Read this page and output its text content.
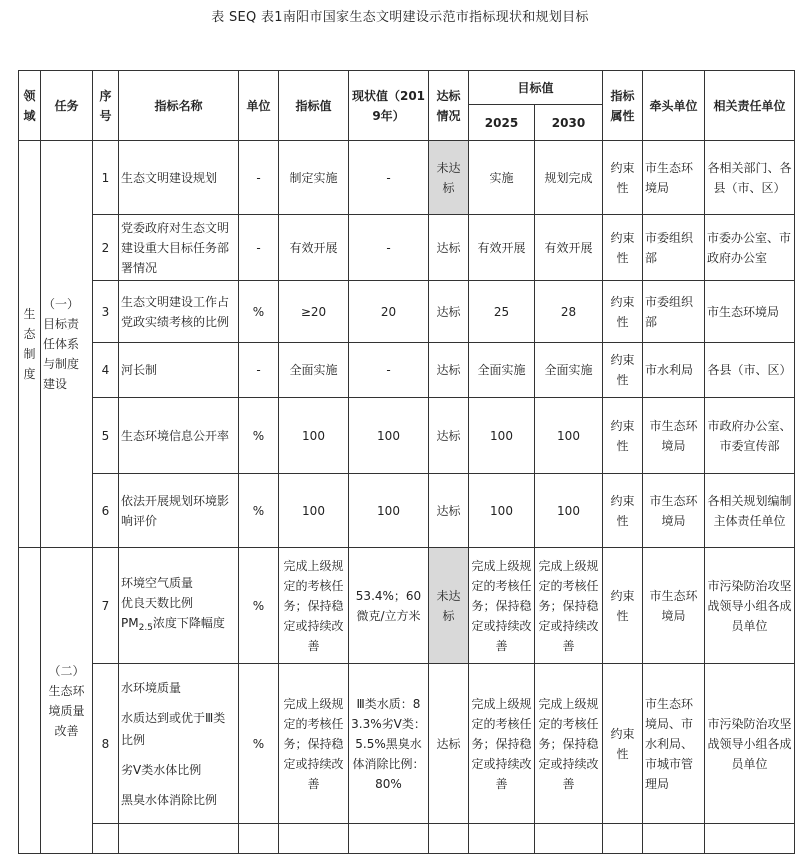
表 SEQ 表1南阳市国家生态文明建设示范市指标现状和规划目标
领域	任务	序号	指标名称	单位	指标值	现状值（2019年）	达标情况	目标值		指标属性	牵头单位	相关责任单位
								2025	2030			
生态制度	（一）目标责任体系与制度建设	1	生态文明建设规划	-	制定实施	-	未达标	实施	规划完成	约束性	市生态环境局	各相关部门、各县（市、区）
		2	党委政府对生态文明建设重大目标任务部署情况	-	有效开展	-	达标	有效开展	有效开展	约束性	市委组织部	市委办公室、市政府办公室
		3	生态文明建设工作占党政实绩考核的比例	%	≥20	20	达标	25	28	约束性	市委组织部	市生态环境局
		4	河长制	-	全面实施	-	达标	全面实施	全面实施	约束性	市水利局	各县（市、区）
		5	生态环境信息公开率	%	100	100	达标	100	100	约束性	市生态环境局	市政府办公室、市委宣传部
		6	依法开展规划环境影响评价	%	100	100	达标	100	100	约束性	市生态环境局	各相关规划编制主体责任单位
	（二）生态环境质量改善	7	环境空气质量
优良天数比例
$PM_{2.5}$浓度下降幅度	%	完成上级规定的考核任务；保持稳定或持续改善	53.4%；60微克/立方米	未达标	完成上级规定的考核任务；保持稳定或持续改善	完成上级规定的考核任务；保持稳定或持续改善	约束性	市生态环境局	市污染防治攻坚战领导小组各成员单位
		8	水环境质量
水质达到或优于Ⅲ类比例
劣Ⅴ类水体比例
黑臭水体消除比例	%	完成上级规定的考核任务；保持稳定或持续改善	Ⅲ类水质：83.3%劣Ⅴ类：5.5%黑臭水体消除比例：80%	达标	完成上级规定的考核任务；保持稳定或持续改善	完成上级规定的考核任务；保持稳定或持续改善	约束性	市生态环境局、市水利局、市城市管理局	市污染防治攻坚战领导小组各成员单位
